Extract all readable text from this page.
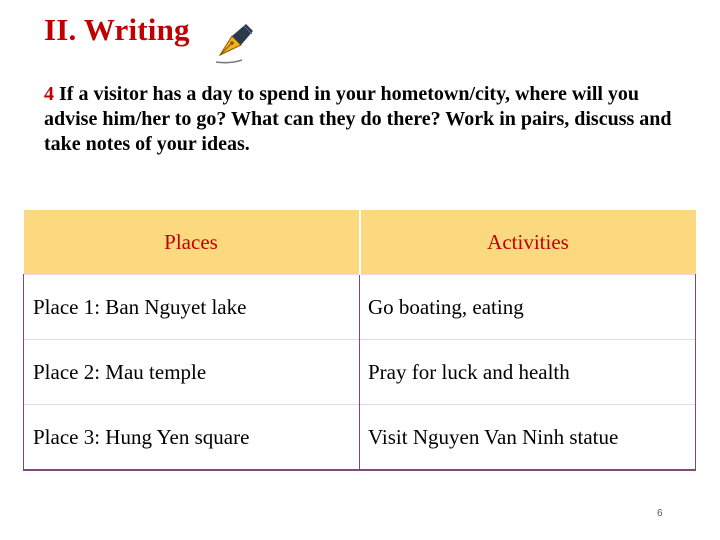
II. Writing

4 If a visitor has a day to spend in your hometown/city, where will you advise him/her to go? What can they do there? Work in pairs, discuss and take notes of your ideas.

Places	Activities
Place 1: Ban Nguyet lake	Go boating, eating
Place 2: Mau temple	Pray for luck and health
Place 3: Hung Yen square	Visit Nguyen Van Ninh statue
6
